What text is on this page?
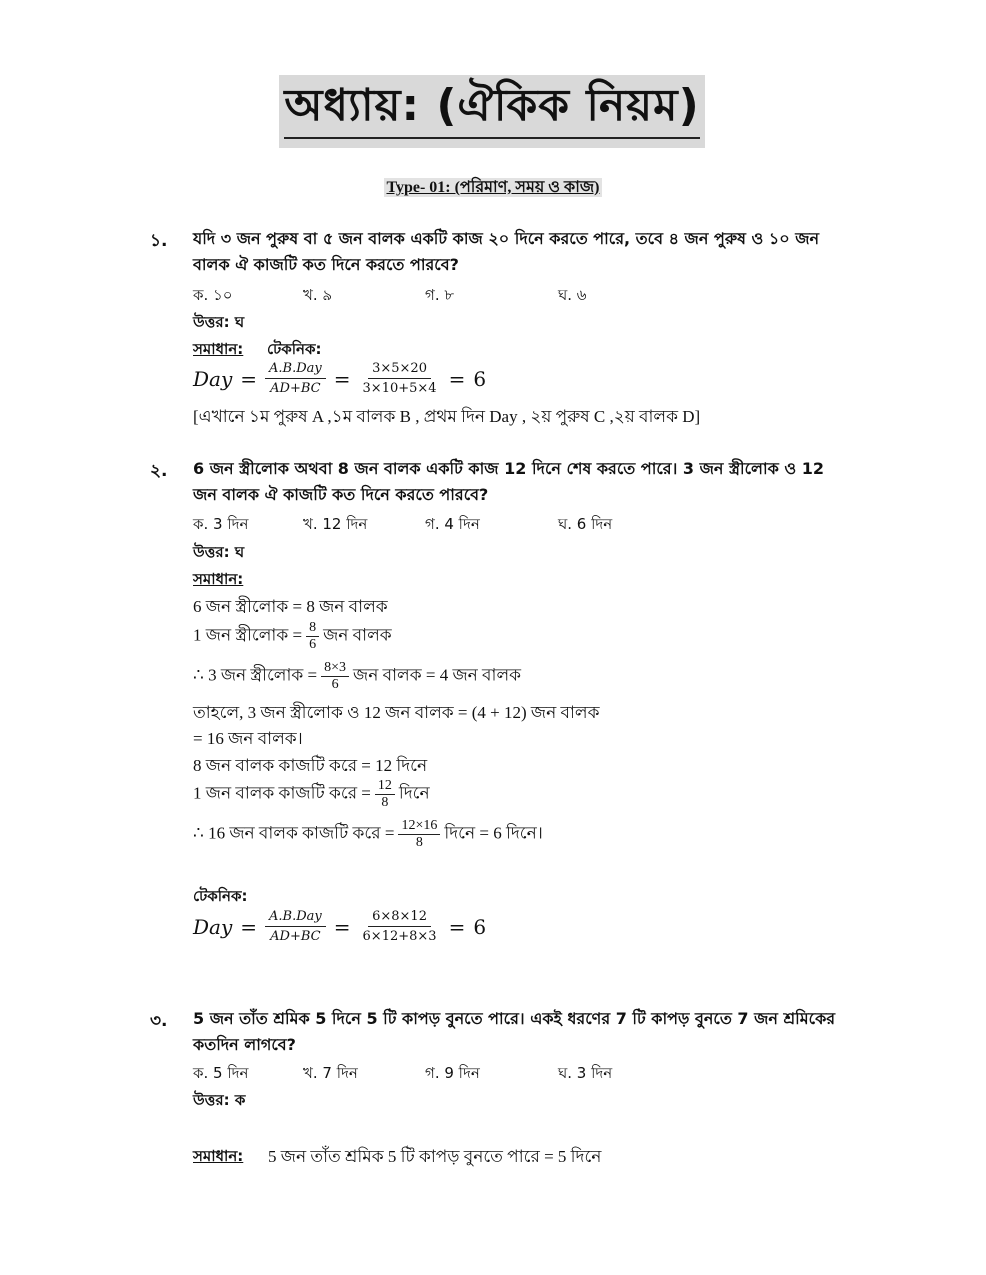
অধ্যায়: (ঐকিক নিয়ম)
Type- 01: (পরিমাণ, সময় ও কাজ)
১. যদি ৩ জন পুরুষ বা ৫ জন বালক একটি কাজ ২০ দিনে করতে পারে, তবে ৪ জন পুরুষ ও ১০ জন বালক ঐ কাজটি কত দিনে করতে পারবে?
ক. ১০	খ. ৯	গ. ৮	ঘ. ৬
উত্তর: ঘ
সমাধান: টেকনিক:
Day = $\frac{\text{A.B.Day}}{AD+BC} = \frac{3\times 5\times 20}{3\times 10+5\times 4} = 6$
[এখানে ১ম পুরুষ A ,১ম বালক B , প্রথম দিন Day , ২য় পুরুষ C ,২য় বালক D]
২. 6 জন স্ত্রীলোক অথবা 8 জন বালক একটি কাজ 12 দিনে শেষ করতে পারে। 3 জন স্ত্রীলোক ও 12 জন বালক ঐ কাজটি কত দিনে করতে পারবে?
ক. 3 দিন	খ. 12 দিন	গ. 4 দিন	ঘ. 6 দিন
উত্তর: ঘ
সমাধান:
6 জন স্ত্রীলোক = 8 জন বালক
1 জন স্ত্রীলোক = $\frac{8}{6}$ জন বালক
∴ 3 জন স্ত্রীলোক = $\frac{8\times 3}{6}$ জন বালক = 4 জন বালক
তাহলে, 3 জন স্ত্রীলোক ও 12 জন বালক = (4 + 12) জন বালক
= 16 জন বালক।
8 জন বালক কাজটি করে = 12 দিনে
1 জন বালক কাজটি করে = $\frac{12}{8}$ দিনে
∴ 16 জন বালক কাজটি করে = $\frac{12\times 16}{8}$ দিনে = 6 দিনে।
টেকনিক:
Day = $\frac{\text{A.B.Day}}{AD+BC} = \frac{6\times 8\times 12}{6\times 12+8\times 3} = 6$
৩. 5 জন তাঁত শ্রমিক 5 দিনে 5 টি কাপড় বুনতে পারে। একই ধরণের 7 টি কাপড় বুনতে 7 জন শ্রমিকের কতদিন লাগবে?
ক. 5 দিন	খ. 7 দিন	গ. 9 দিন	ঘ. 3 দিন
উত্তর: ক
সমাধান: 5 জন তাঁত শ্রমিক 5 টি কাপড় বুনতে পারে = 5 দিনে
